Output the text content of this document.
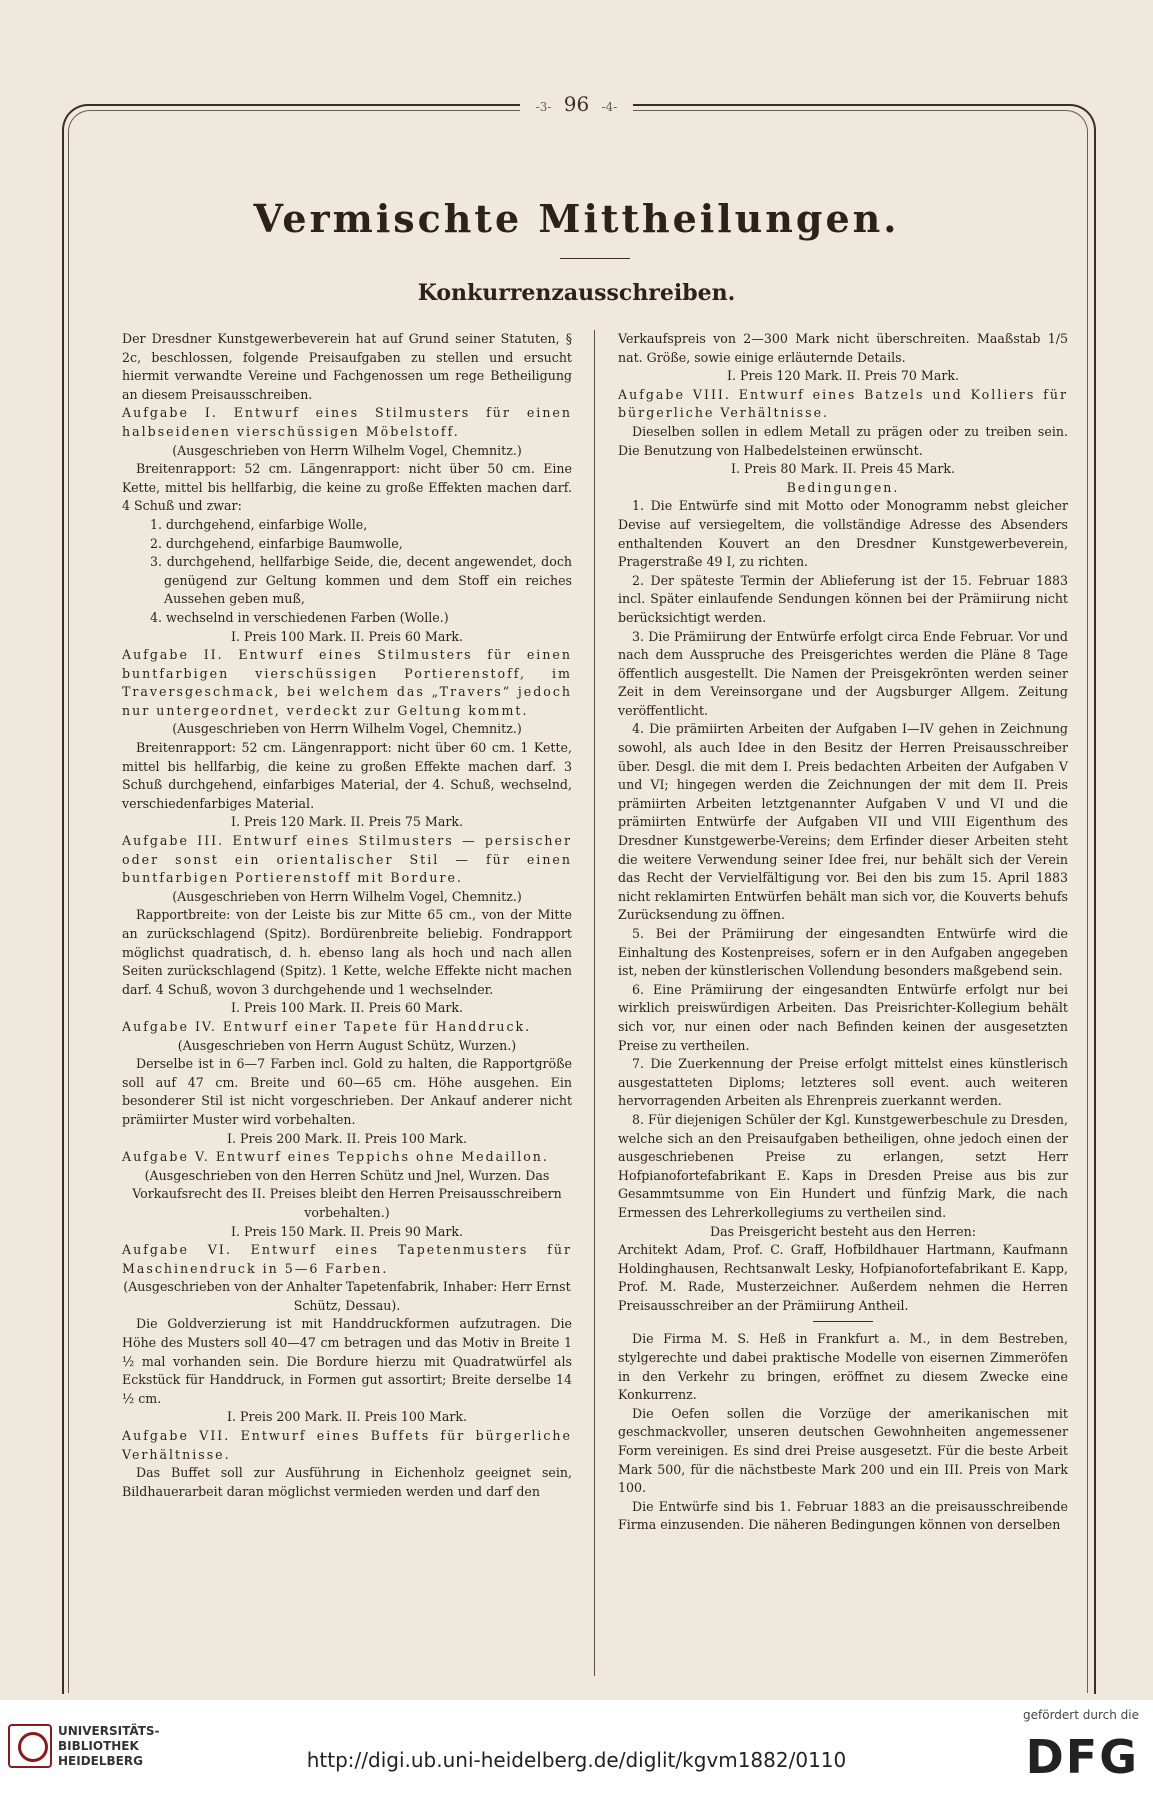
-3- 96 -4-
Vermischte Mittheilungen.
Konkurrenzausschreiben.

Der Dresdner Kunstgewerbeverein hat auf Grund seiner Statuten, § 2c, beschlossen, folgende Preisaufgaben zu stellen und ersucht hiermit verwandte Vereine und Fachgenossen um rege Betheiligung an diesem Preisausschreiben.

Aufgabe I. Entwurf eines Stilmusters für einen halbseidenen vierschüssigen Möbelstoff.

(Ausgeschrieben von Herrn Wilhelm Vogel, Chemnitz.)

Breitenrapport: 52 cm. Längenrapport: nicht über 50 cm. Eine Kette, mittel bis hellfarbig, die keine zu große Effekten machen darf. 4 Schuß und zwar:

1. durchgehend, einfarbige Wolle,

2. durchgehend, einfarbige Baumwolle,

3. durchgehend, hellfarbige Seide, die, decent angewendet, doch genügend zur Geltung kommen und dem Stoff ein reiches Aussehen geben muß,

4. wechselnd in verschiedenen Farben (Wolle.)

I. Preis 100 Mark. II. Preis 60 Mark.

Aufgabe II. Entwurf eines Stilmusters für einen buntfarbigen vierschüssigen Portierenstoff, im Traversgeschmack, bei welchem das „Travers“ jedoch nur untergeordnet, verdeckt zur Geltung kommt.

(Ausgeschrieben von Herrn Wilhelm Vogel, Chemnitz.)

Breitenrapport: 52 cm. Längenrapport: nicht über 60 cm. 1 Kette, mittel bis hellfarbig, die keine zu großen Effekte machen darf. 3 Schuß durchgehend, einfarbiges Material, der 4. Schuß, wechselnd, verschiedenfarbiges Material.

I. Preis 120 Mark. II. Preis 75 Mark.

Aufgabe III. Entwurf eines Stilmusters — persischer oder sonst ein orientalischer Stil — für einen buntfarbigen Portierenstoff mit Bordure.

(Ausgeschrieben von Herrn Wilhelm Vogel, Chemnitz.)

Rapportbreite: von der Leiste bis zur Mitte 65 cm., von der Mitte an zurückschlagend (Spitz). Bordürenbreite beliebig. Fondrapport möglichst quadratisch, d. h. ebenso lang als hoch und nach allen Seiten zurückschlagend (Spitz). 1 Kette, welche Effekte nicht machen darf. 4 Schuß, wovon 3 durchgehende und 1 wechselnder.

I. Preis 100 Mark. II. Preis 60 Mark.

Aufgabe IV. Entwurf einer Tapete für Handdruck.

(Ausgeschrieben von Herrn August Schütz, Wurzen.)

Derselbe ist in 6—7 Farben incl. Gold zu halten, die Rapportgröße soll auf 47 cm. Breite und 60—65 cm. Höhe ausgehen. Ein besonderer Stil ist nicht vorgeschrieben. Der Ankauf anderer nicht prämiirter Muster wird vorbehalten.

I. Preis 200 Mark. II. Preis 100 Mark.

Aufgabe V. Entwurf eines Teppichs ohne Medaillon.

(Ausgeschrieben von den Herren Schütz und Jnel, Wurzen. Das Vorkaufsrecht des II. Preises bleibt den Herren Preisausschreibern vorbehalten.)

I. Preis 150 Mark. II. Preis 90 Mark.

Aufgabe VI. Entwurf eines Tapetenmusters für Maschinendruck in 5—6 Farben.

(Ausgeschrieben von der Anhalter Tapetenfabrik, Inhaber: Herr Ernst Schütz, Dessau).

Die Goldverzierung ist mit Handdruckformen aufzutragen. Die Höhe des Musters soll 40—47 cm betragen und das Motiv in Breite 1 ½ mal vorhanden sein. Die Bordure hierzu mit Quadratwürfel als Eckstück für Handdruck, in Formen gut assortirt; Breite derselbe 14 ½ cm.

I. Preis 200 Mark. II. Preis 100 Mark.

Aufgabe VII. Entwurf eines Buffets für bürgerliche Verhältnisse.

Das Buffet soll zur Ausführung in Eichenholz geeignet sein, Bildhauerarbeit daran möglichst vermieden werden und darf den

Verkaufspreis von 2—300 Mark nicht überschreiten. Maaßstab 1/5 nat. Größe, sowie einige erläuternde Details.

I. Preis 120 Mark. II. Preis 70 Mark.

Aufgabe VIII. Entwurf eines Batzels und Kolliers für bürgerliche Verhältnisse.

Dieselben sollen in edlem Metall zu prägen oder zu treiben sein. Die Benutzung von Halbedelsteinen erwünscht.

I. Preis 80 Mark. II. Preis 45 Mark.

Bedingungen.

1. Die Entwürfe sind mit Motto oder Monogramm nebst gleicher Devise auf versiegeltem, die vollständige Adresse des Absenders enthaltenden Kouvert an den Dresdner Kunstgewerbeverein, Pragerstraße 49 I, zu richten.

2. Der späteste Termin der Ablieferung ist der 15. Februar 1883 incl. Später einlaufende Sendungen können bei der Prämiirung nicht berücksichtigt werden.

3. Die Prämiirung der Entwürfe erfolgt circa Ende Februar. Vor und nach dem Ausspruche des Preisgerichtes werden die Pläne 8 Tage öffentlich ausgestellt. Die Namen der Preisgekrönten werden seiner Zeit in dem Vereinsorgane und der Augsburger Allgem. Zeitung veröffentlicht.

4. Die prämiirten Arbeiten der Aufgaben I—IV gehen in Zeichnung sowohl, als auch Idee in den Besitz der Herren Preisausschreiber über. Desgl. die mit dem I. Preis bedachten Arbeiten der Aufgaben V und VI; hingegen werden die Zeichnungen der mit dem II. Preis prämiirten Arbeiten letztgenannter Aufgaben V und VI und die prämiirten Entwürfe der Aufgaben VII und VIII Eigenthum des Dresdner Kunstgewerbe-Vereins; dem Erfinder dieser Arbeiten steht die weitere Verwendung seiner Idee frei, nur behält sich der Verein das Recht der Vervielfältigung vor. Bei den bis zum 15. April 1883 nicht reklamirten Entwürfen behält man sich vor, die Kouverts behufs Zurücksendung zu öffnen.

5. Bei der Prämiirung der eingesandten Entwürfe wird die Einhaltung des Kostenpreises, sofern er in den Aufgaben angegeben ist, neben der künstlerischen Vollendung besonders maßgebend sein.

6. Eine Prämiirung der eingesandten Entwürfe erfolgt nur bei wirklich preiswürdigen Arbeiten. Das Preisrichter-Kollegium behält sich vor, nur einen oder nach Befinden keinen der ausgesetzten Preise zu vertheilen.

7. Die Zuerkennung der Preise erfolgt mittelst eines künstlerisch ausgestatteten Diploms; letzteres soll event. auch weiteren hervorragenden Arbeiten als Ehrenpreis zuerkannt werden.

8. Für diejenigen Schüler der Kgl. Kunstgewerbeschule zu Dresden, welche sich an den Preisaufgaben betheiligen, ohne jedoch einen der ausgeschriebenen Preise zu erlangen, setzt Herr Hofpianofortefabrikant E. Kaps in Dresden Preise aus bis zur Gesammtsumme von Ein Hundert und fünfzig Mark, die nach Ermessen des Lehrerkollegiums zu vertheilen sind.

Das Preisgericht besteht aus den Herren:

Architekt Adam, Prof. C. Graff, Hofbildhauer Hartmann, Kaufmann Holdinghausen, Rechtsanwalt Lesky, Hofpianofortefabrikant E. Kapp, Prof. M. Rade, Musterzeichner. Außerdem nehmen die Herren Preisausschreiber an der Prämiirung Antheil.

Die Firma M. S. Heß in Frankfurt a. M., in dem Bestreben, stylgerechte und dabei praktische Modelle von eisernen Zimmeröfen in den Verkehr zu bringen, eröffnet zu diesem Zwecke eine Konkurrenz.

Die Oefen sollen die Vorzüge der amerikanischen mit geschmackvoller, unseren deutschen Gewohnheiten angemessener Form vereinigen. Es sind drei Preise ausgesetzt. Für die beste Arbeit Mark 500, für die nächstbeste Mark 200 und ein III. Preis von Mark 100.

Die Entwürfe sind bis 1. Februar 1883 an die preisausschreibende Firma einzusenden. Die näheren Bedingungen können von derselben

UNIVERSITÄTS-
BIBLIOTHEK
HEIDELBERG	http://digi.ub.uni-heidelberg.de/diglit/kgvm1882/0110
gefördert durch die
DFG
